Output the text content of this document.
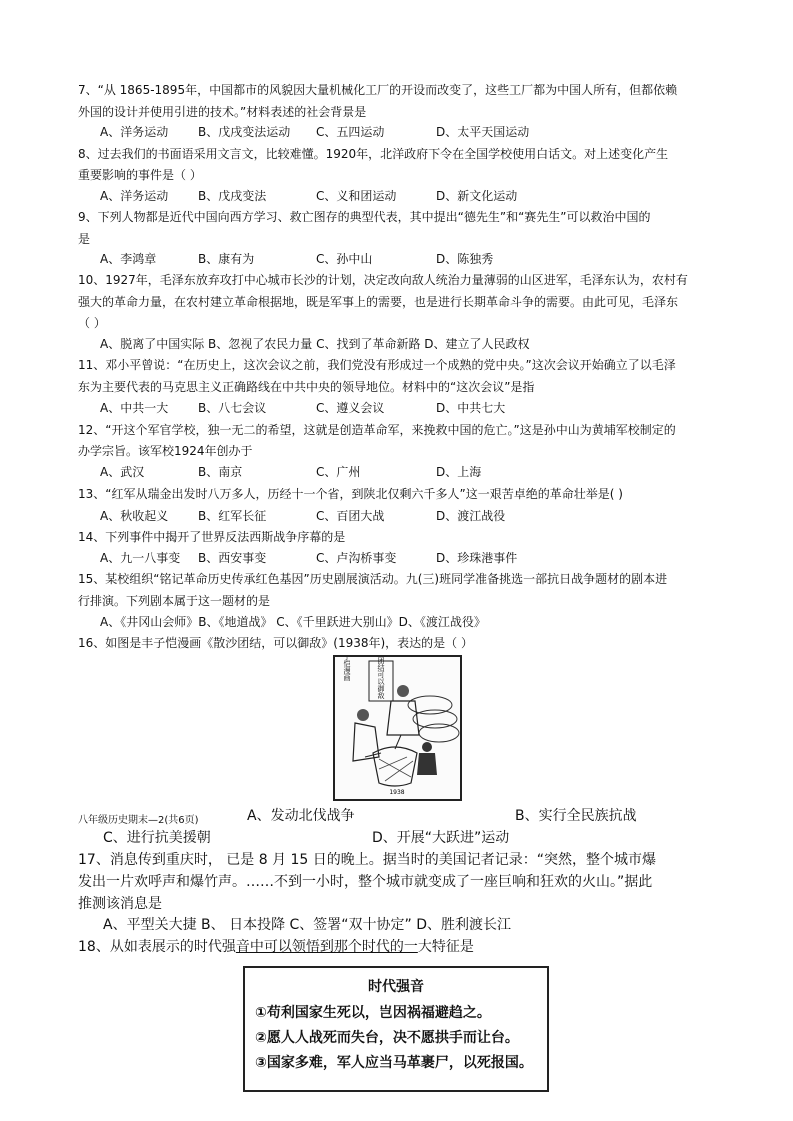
7、“从 1865-1895年，中国都市的风貌因大量机械化工厂的开设而改变了，这些工厂都为中国人所有，但都依赖
外国的设计并使用引进的技术。”材料表述的社会背景是
A、洋务运动 B、戊戌变法运动 C、五四运动	D、太平天国运动
8、过去我们的书面语采用文言文，比较难懂。1920年，北洋政府下令在全国学校使用白话文。对上述变化产生
重要影响的事件是（ ）
A、洋务运动 B、戊戌变法	C、义和团运动	D、新文化运动
9、下列人物都是近代中国向西方学习、救亡图存的典型代表，其中提出“德先生”和“赛先生”可以救治中国的
是
A、李鸿章	B、康有为	C、孙中山	D、陈独秀
10、1927年，毛泽东放弃攻打中心城市长沙的计划，决定改向敌人统治力量薄弱的山区进军，毛泽东认为，农村有
强大的革命力量，在农村建立革命根据地，既是军事上的需要，也是进行长期革命斗争的需要。由此可见，毛泽东
（ ）
A、脱离了中国实际 B、忽视了农民力量 C、找到了革命新路 D、建立了人民政权
11、邓小平曾说：“在历史上，这次会议之前，我们党没有形成过一个成熟的党中央。”这次会议开始确立了以毛泽
东为主要代表的马克思主义正确路线在中共中央的领导地位。材料中的“这次会议”是指
A、中共一大 B、八七会议	C、遵义会议	D、中共七大
12、“开这个军官学校，独一无二的希望，这就是创造革命军，来挽救中国的危亡。”这是孙中山为黄埔军校制定的
办学宗旨。该军校1924年创办于
A、武汉	B、南京	C、广州	D、上海
13、“红军从瑞金出发时八万多人，历经十一个省，到陕北仅剩六千多人”这一艰苦卓绝的革命壮举是( )
A、秋收起义 B、红军长征	C、百团大战	D、渡江战役
14、下列事件中揭开了世界反法西斯战争序幕的是
A、九一八事变 B、西安事变	C、卢沟桥事变	D、珍珠港事件
15、某校组织“铭记革命历史传承红色基因”历史剧展演活动。九(三)班同学准备挑选一部抗日战争题材的剧本进
行排演。下列剧本属于这一题材的是
A、《井冈山会师》B、《地道战》 C、《千里跃进大别山》D、《渡江战役》
16、如图是丰子恺漫画《散沙团结，可以御敌》(1938年)，表达的是（ ）
散沙团结可以御敌
子恺漫画
1938
八年级历史期末—2(共6页)	A、发动北伐战争	B、实行全民族抗战
C、进行抗美援朝	D、开展“大跃进”运动
17、消息传到重庆时， 已是 8 月 15 日的晚上。据当时的美国记者记录：“突然，整个城市爆
发出一片欢呼声和爆竹声。……不到一小时，整个城市就变成了一座巨响和狂欢的火山。”据此
推测该消息是
A、平型关大捷 B、 日本投降 C、签署“双十协定” D、胜利渡长江
18、从如表展示的时代强音中可以领悟到那个时代的一大特征是
时代强音
①苟利国家生死以，岂因祸福避趋之。
②愿人人战死而失台，决不愿拱手而让台。
③国家多难，军人应当马革裹尸，以死报国。
